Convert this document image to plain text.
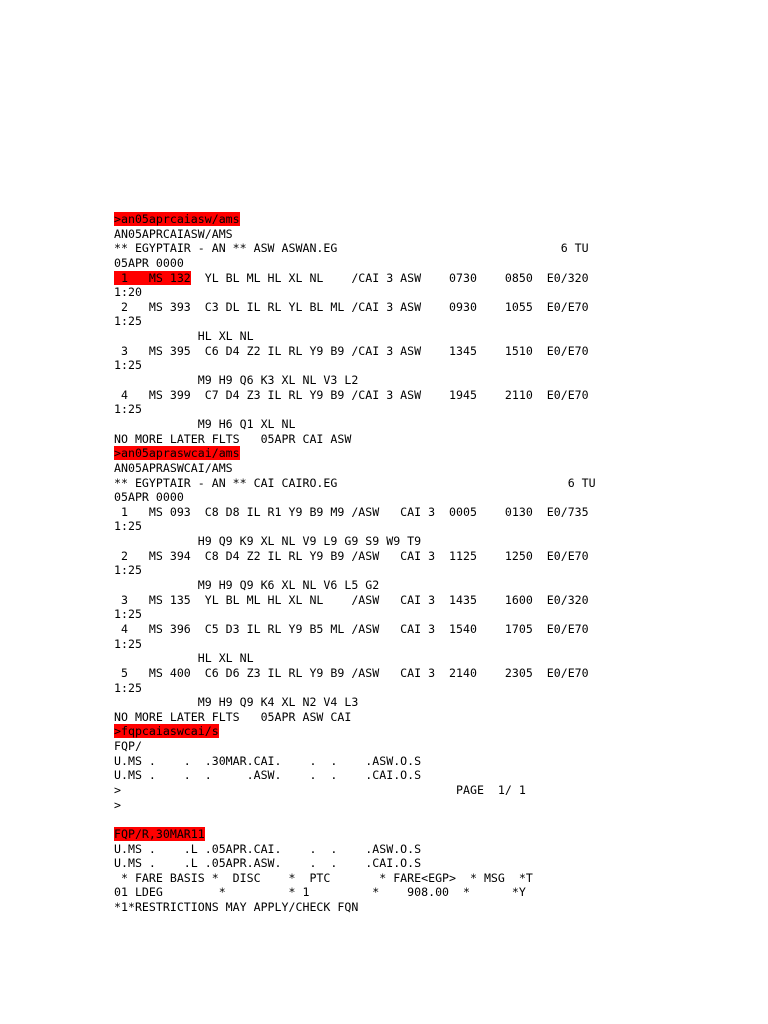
>an05aprcaiasw/ams
AN05APRCAIASW/AMS
** EGYPTAIR - AN ** ASW ASWAN.EG                                6 TU
05APR 0000
1   MS 132  YL BL ML HL XL NL    /CAI 3 ASW    0730    0850  E0/320
1:20
2   MS 393  C3 DL IL RL YL BL ML /CAI 3 ASW    0930    1055  E0/E70
1:25
HL XL NL
3   MS 395  C6 D4 Z2 IL RL Y9 B9 /CAI 3 ASW    1345    1510  E0/E70
1:25
M9 H9 Q6 K3 XL NL V3 L2
4   MS 399  C7 D4 Z3 IL RL Y9 B9 /CAI 3 ASW    1945    2110  E0/E70
1:25
M9 H6 Q1 XL NL
NO MORE LATER FLTS   05APR CAI ASW
>an05apraswcai/ams
AN05APRASWCAI/AMS
** EGYPTAIR - AN ** CAI CAIRO.EG                                 6 TU
05APR 0000
1   MS 093  C8 D8 IL R1 Y9 B9 M9 /ASW   CAI 3  0005    0130  E0/735
1:25
H9 Q9 K9 XL NL V9 L9 G9 S9 W9 T9
2   MS 394  C8 D4 Z2 IL RL Y9 B9 /ASW   CAI 3  1125    1250  E0/E70
1:25
M9 H9 Q9 K6 XL NL V6 L5 G2
3   MS 135  YL BL ML HL XL NL    /ASW   CAI 3  1435    1600  E0/320
1:25
4   MS 396  C5 D3 IL RL Y9 B5 ML /ASW   CAI 3  1540    1705  E0/E70
1:25
HL XL NL
5   MS 400  C6 D6 Z3 IL RL Y9 B9 /ASW   CAI 3  2140    2305  E0/E70
1:25
M9 H9 Q9 K4 XL N2 V4 L3
NO MORE LATER FLTS   05APR ASW CAI
>fqpcaiaswcai/s
FQP/
U.MS .    .  .30MAR.CAI.    .  .    .ASW.O.S
U.MS .    .  .     .ASW.    .  .    .CAI.O.S
>                                                PAGE  1/ 1
>
FQP/R,30MAR11
U.MS .    .L .05APR.CAI.    .  .    .ASW.O.S
U.MS .    .L .05APR.ASW.    .  .    .CAI.O.S
* FARE BASIS *  DISC    *  PTC       * FARE<EGP>  * MSG  *T
01 LDEG        *         * 1         *    908.00  *      *Y
*1*RESTRICTIONS MAY APPLY/CHECK FQN
